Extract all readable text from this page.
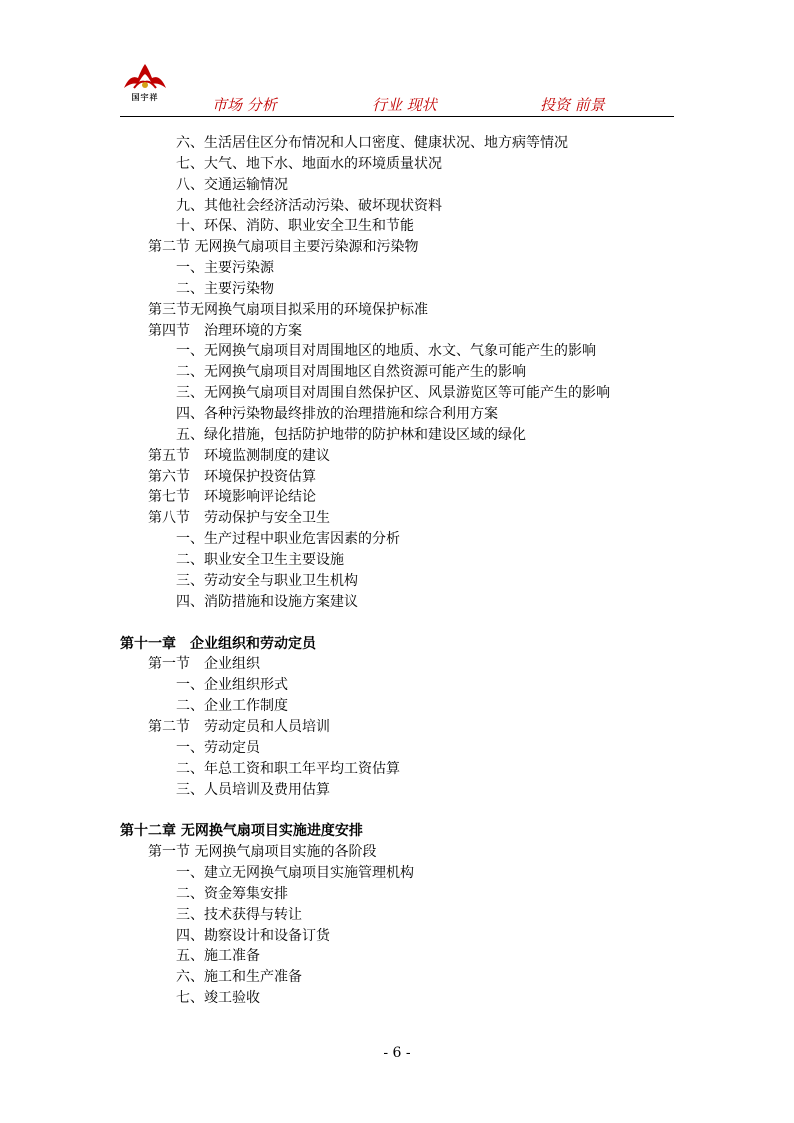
国宇祥	市场 分析	行业 现状	投资 前景
六、生活居住区分布情况和人口密度、健康状况、地方病等情况
七、大气、地下水、地面水的环境质量状况
八、交通运输情况
九、其他社会经济活动污染、破坏现状资料
十、环保、消防、职业安全卫生和节能
第二节 无网换气扇项目主要污染源和污染物
一、主要污染源
二、主要污染物
第三节无网换气扇项目拟采用的环境保护标准
第四节　治理环境的方案
一、无网换气扇项目对周围地区的地质、水文、气象可能产生的影响
二、无网换气扇项目对周围地区自然资源可能产生的影响
三、无网换气扇项目对周围自然保护区、风景游览区等可能产生的影响
四、各种污染物最终排放的治理措施和综合利用方案
五、绿化措施，包括防护地带的防护林和建设区域的绿化
第五节　环境监测制度的建议
第六节　环境保护投资估算
第七节　环境影响评论结论
第八节　劳动保护与安全卫生
一、生产过程中职业危害因素的分析
二、职业安全卫生主要设施
三、劳动安全与职业卫生机构
四、消防措施和设施方案建议
第十一章　企业组织和劳动定员
第一节　企业组织
一、企业组织形式
二、企业工作制度
第二节　劳动定员和人员培训
一、劳动定员
二、年总工资和职工年平均工资估算
三、人员培训及费用估算
第十二章 无网换气扇项目实施进度安排
第一节 无网换气扇项目实施的各阶段
一、建立无网换气扇项目实施管理机构
二、资金筹集安排
三、技术获得与转让
四、勘察设计和设备订货
五、施工准备
六、施工和生产准备
七、竣工验收
- 6 -
